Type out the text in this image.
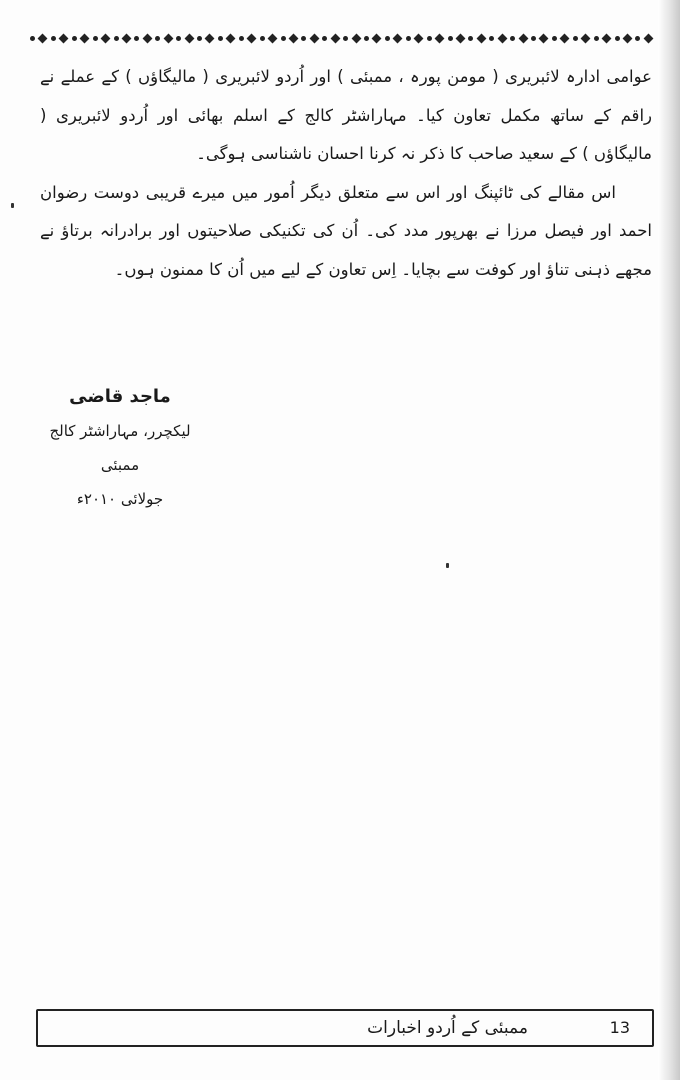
عوامی ادارہ لائبریری ( مومن پورہ ، ممبئی ) اور اُردو لائبریری ( مالیگاؤں ) کے عملے نے راقم کے ساتھ مکمل تعاون کیا۔ مہاراشٹر کالج کے اسلم بھائی اور اُردو لائبریری ( مالیگاؤں ) کے سعید صاحب کا ذکر نہ کرنا احسان ناشناسی ہوگی۔

اس مقالے کی ٹائپنگ اور اس سے متعلق دیگر اُمور میں میرے قریبی دوست رضوان احمد اور فیصل مرزا نے بھرپور مدد کی۔ اُن کی تکنیکی صلاحیتوں اور برادرانہ برتاؤ نے مجھے ذہنی تناؤ اور کوفت سے بچایا۔ اِس تعاون کے لیے میں اُن کا ممنون ہوں۔

ماجد قاضی
لیکچرر، مہاراشٹر کالج ممبئی
جولائی ۲۰۱۰ء
ممبئی کے اُردو اخبارات	13
